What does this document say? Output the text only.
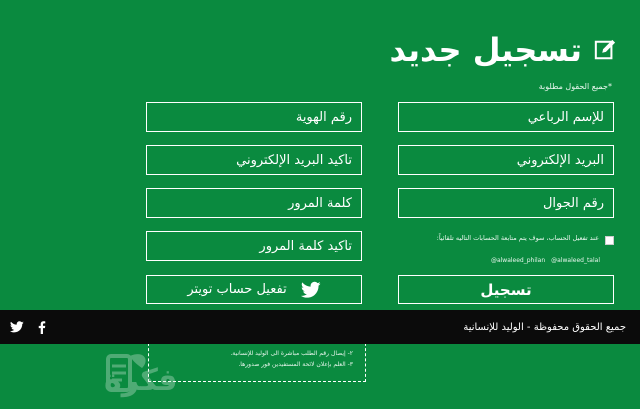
تسجيل جديد
*جميع الحقول مطلوبة
للإسم الرباعي
رقم الهوية
البريد الإلكتروني
تأكيد البريد الإلكتروني
رقم الجوال
كلمة المرور
تأكيد كلمة المرور
عند تفعيل الحساب، سوف يتم متابعة الحسابات التاليه تلقائياً:
@alwaleed_philan @alwaleed_talal
تسجيل
تفعيل حساب تويتر
٢- إيصال رقم الطلب مباشرة الى الوليد للإنسانية.
٣- العلم بإعلان لائحة المستفيدين فور صدورها.
جميع الحقوق محفوظة - الوليد للإنسانية
فكرة
